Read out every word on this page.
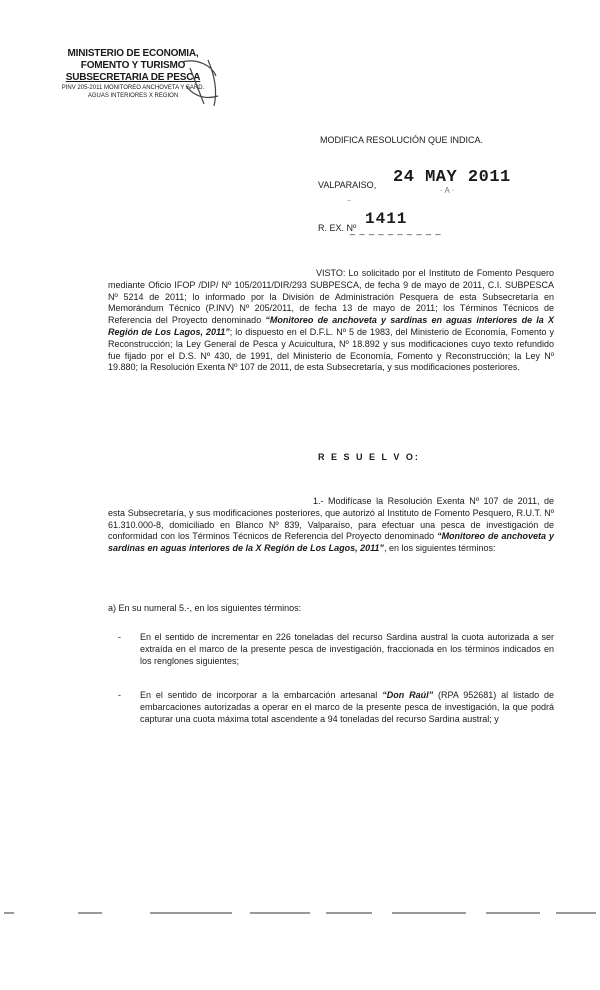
MINISTERIO DE ECONOMIA,
FOMENTO Y TURISMO
SUBSECRETARIA DE PESCA
PINV 205-2011 MONITOREO ANCHOVETA Y SARD.
AGUAS INTERIORES X REGION
MODIFICA RESOLUCIÓN QUE INDICA.
VALPARAISO, 24 MAY 2011
· A ·
~
R. EX. Nº 1411
_ _ _ _ _ _ _ _ _ _
VISTO: Lo solicitado por el Instituto de Fomento Pesquero mediante Oficio IFOP /DIP/ Nº 105/2011/DIR/293 SUBPESCA, de fecha 9 de mayo de 2011, C.I. SUBPESCA Nº 5214 de 2011; lo informado por la División de Administración Pesquera de esta Subsecretaría en Memorándum Técnico (P.INV) Nº 205/2011, de fecha 13 de mayo de 2011; los Términos Técnicos de Referencia del Proyecto denominado “Monitoreo de anchoveta y sardinas en aguas interiores de la X Región de Los Lagos, 2011”; lo dispuesto en el D.F.L. Nº 5 de 1983, del Ministerio de Economía, Fomento y Reconstrucción; la Ley General de Pesca y Acuicultura, Nº 18.892 y sus modificaciones cuyo texto refundido fue fijado por el D.S. Nº 430, de 1991, del Ministerio de Economía, Fomento y Reconstrucción; la Ley Nº 19.880; la Resolución Exenta Nº 107 de 2011, de esta Subsecretaría, y sus modificaciones posteriores.
R E S U E L V O:
1.- Modifícase la Resolución Exenta Nº 107 de 2011, de esta Subsecretaría, y sus modificaciones posteriores, que autorizó al Instituto de Fomento Pesquero, R.U.T. Nº 61.310.000-8, domiciliado en Blanco Nº 839, Valparaíso, para efectuar una pesca de investigación de conformidad con los Términos Técnicos de Referencia del Proyecto denominado “Monitoreo de anchoveta y sardinas en aguas interiores de la X Región de Los Lagos, 2011”, en los siguientes términos:
a) En su numeral 5.-, en los siguientes términos:
- En el sentido de incrementar en 226 toneladas del recurso Sardina austral la cuota autorizada a ser extraída en el marco de la presente pesca de investigación, fraccionada en los términos indicados en los renglones siguientes;
- En el sentido de incorporar a la embarcación artesanal “Don Raúl” (RPA 952681) al listado de embarcaciones autorizadas a operar en el marco de la presente pesca de investigación, la que podrá capturar una cuota máxima total ascendente a 94 toneladas del recurso Sardina austral; y
